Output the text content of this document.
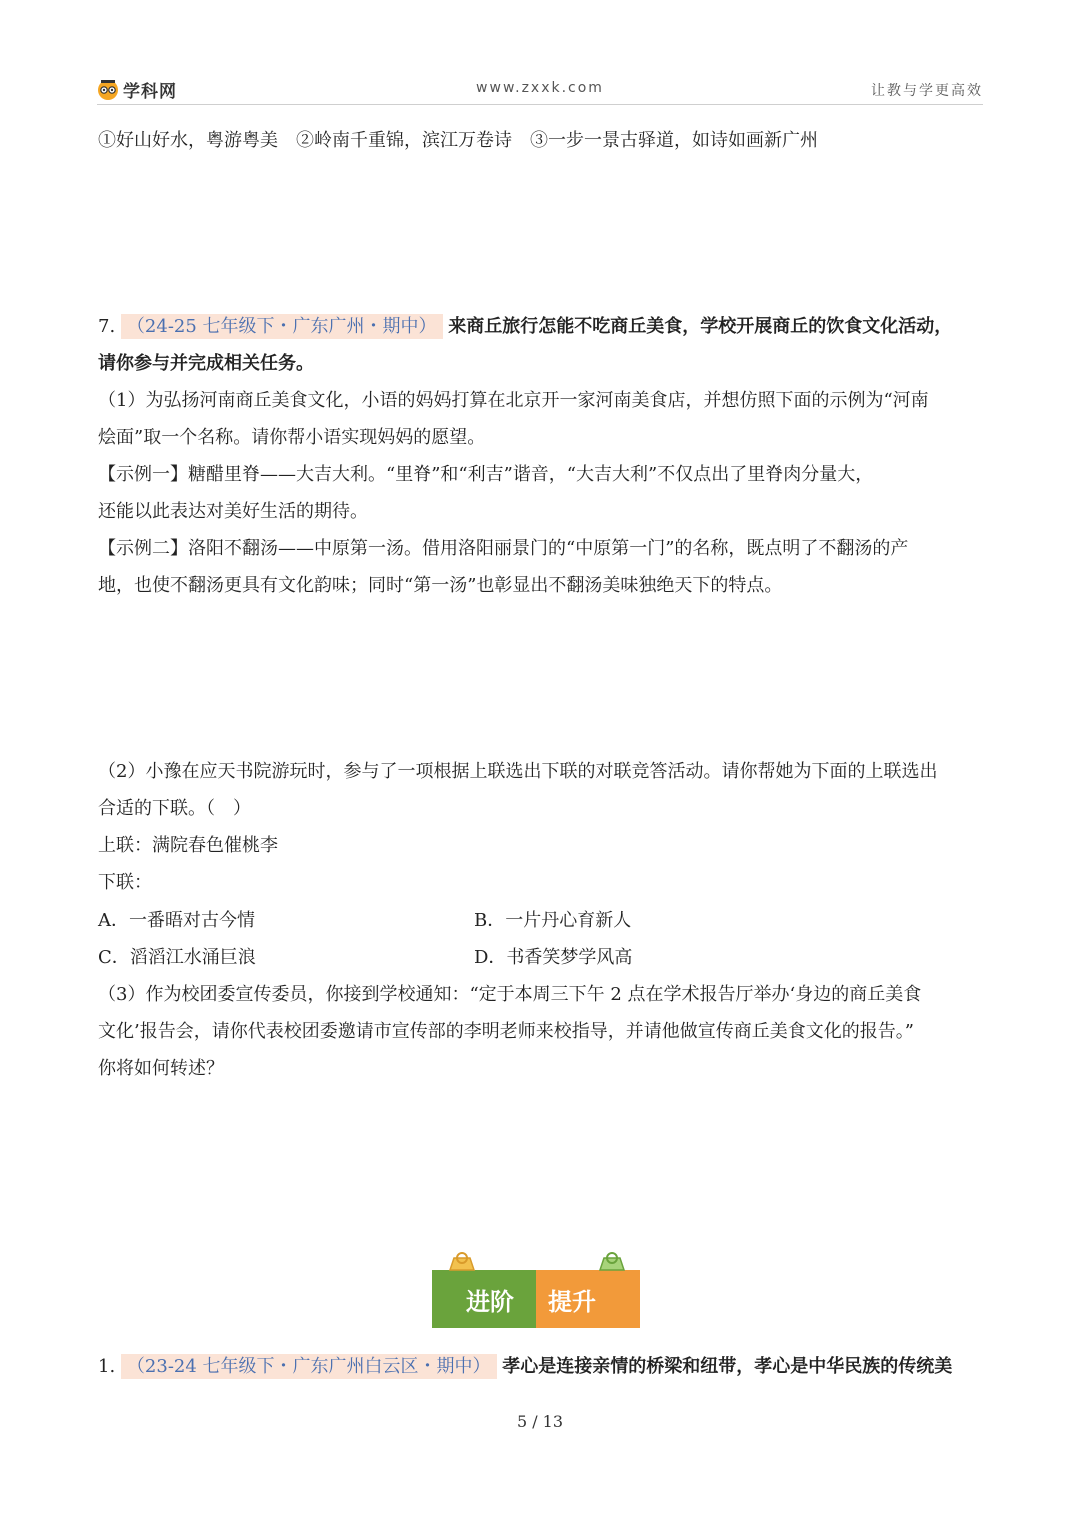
学科网	www.zxxk.com	让教与学更高效
①好山好水，粤游粤美　②岭南千重锦，滨江万卷诗　③一步一景古驿道，如诗如画新广州
7. （24-25 七年级下・广东广州・期中） 来商丘旅行怎能不吃商丘美食，学校开展商丘的饮食文化活动，
请你参与并完成相关任务。
（1）为弘扬河南商丘美食文化，小语的妈妈打算在北京开一家河南美食店，并想仿照下面的示例为“河南
烩面”取一个名称。请你帮小语实现妈妈的愿望。
【示例一】糖醋里脊——大吉大利。“里脊”和“利吉”谐音，“大吉大利”不仅点出了里脊肉分量大，
还能以此表达对美好生活的期待。
【示例二】洛阳不翻汤——中原第一汤。借用洛阳丽景门的“中原第一门”的名称，既点明了不翻汤的产
地，也使不翻汤更具有文化韵味；同时“第一汤”也彰显出不翻汤美味独绝天下的特点。
（2）小豫在应天书院游玩时，参与了一项根据上联选出下联的对联竞答活动。请你帮她为下面的上联选出
合适的下联。（　）
上联：满院春色催桃李
下联：
A．一番晤对古今情	B．一片丹心育新人
C．滔滔江水涌巨浪	D．书香笑梦学风高
（3）作为校团委宣传委员，你接到学校通知：“定于本周三下午 2 点在学术报告厅举办‘身边的商丘美食
文化’报告会，请你代表校团委邀请市宣传部的李明老师来校指导，并请他做宣传商丘美食文化的报告。”
你将如何转述？
进阶 提升
1. （23-24 七年级下・广东广州白云区・期中） 孝心是连接亲情的桥梁和纽带，孝心是中华民族的传统美
5 / 13
